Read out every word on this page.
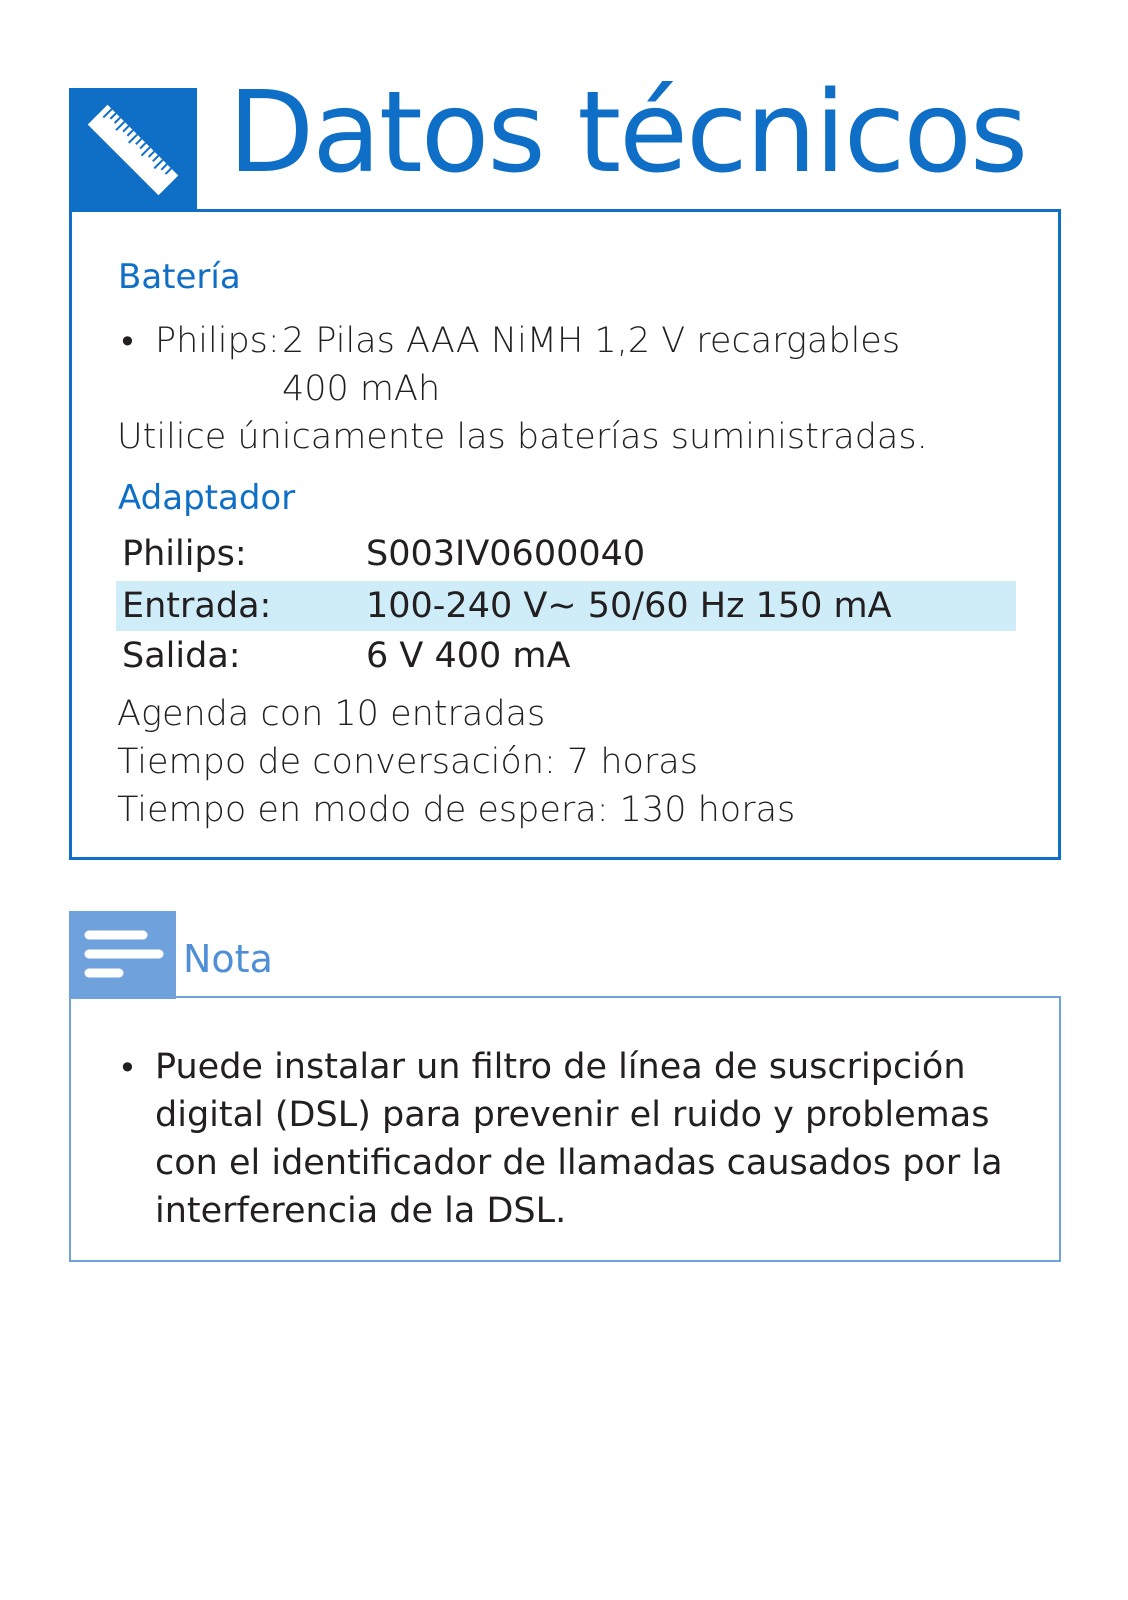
Datos técnicos
Batería
• Philips: 2 Pilas AAA NiMH 1,2 V recargables
400 mAh
Utilice únicamente las baterías suministradas.
Adaptador
Philips:	S003IV0600040
Entrada:	100-240 V~ 50/60 Hz 150 mA
Salida:	6 V 400 mA
Agenda con 10 entradas
Tiempo de conversación: 7 horas
Tiempo en modo de espera: 130 horas
Nota
• Puede instalar un filtro de línea de suscripción
digital (DSL) para prevenir el ruido y problemas
con el identificador de llamadas causados por la
interferencia de la DSL.
